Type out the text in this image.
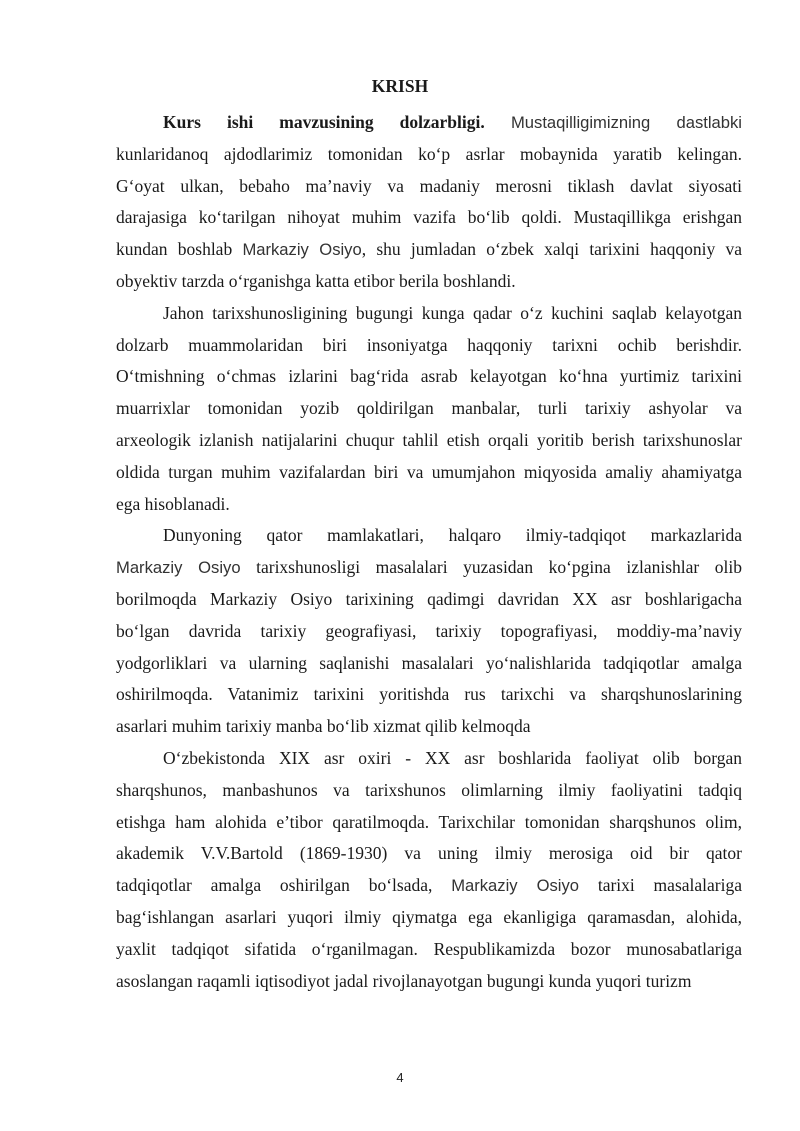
KRISH
Kurs ishi mavzusining dolzarbligi. Mustaqilligimizning dastlabki
kunlaridanoq ajdodlarimiz tomonidan ko‘p asrlar mobaynida yaratib kelingan.
G‘oyat ulkan, bebaho ma’naviy va madaniy merosni tiklash davlat siyosati
darajasiga ko‘tarilgan nihoyat muhim vazifa bo‘lib qoldi. Mustaqillikga erishgan
kundan boshlab Markaziy Osiyo, shu jumladan o‘zbek xalqi tarixini haqqoniy va
obyektiv tarzda o‘rganishga katta etibor berila boshlandi.
Jahon tarixshunosligining bugungi kunga qadar o‘z kuchini saqlab kelayotgan
dolzarb muammolaridan biri insoniyatga haqqoniy tarixni ochib berishdir.
O‘tmishning o‘chmas izlarini bag‘rida asrab kelayotgan ko‘hna yurtimiz tarixini
muarrixlar tomonidan yozib qoldirilgan manbalar, turli tarixiy ashyolar va
arxeologik izlanish natijalarini chuqur tahlil etish orqali yoritib berish tarixshunoslar
oldida turgan muhim vazifalardan biri va umumjahon miqyosida amaliy ahamiyatga
ega hisoblanadi.
Dunyoning qator mamlakatlari, halqaro ilmiy-tadqiqot markazlarida
Markaziy Osiyo tarixshunosligi masalalari yuzasidan ko‘pgina izlanishlar olib
borilmoqda Markaziy Osiyo tarixining qadimgi davridan XX asr boshlarigacha
bo‘lgan davrida tarixiy geografiyasi, tarixiy topografiyasi, moddiy-ma’naviy
yodgorliklari va ularning saqlanishi masalalari yo‘nalishlarida tadqiqotlar amalga
oshirilmoqda. Vatanimiz tarixini yoritishda rus tarixchi va sharqshunoslarining
asarlari muhim tarixiy manba bo‘lib xizmat qilib kelmoqda
O‘zbekistonda XIX asr oxiri - XX asr boshlarida faoliyat olib borgan
sharqshunos, manbashunos va tarixshunos olimlarning ilmiy faoliyatini tadqiq
etishga ham alohida e’tibor qaratilmoqda. Tarixchilar tomonidan sharqshunos olim,
akademik V.V.Bartold (1869-1930) va uning ilmiy merosiga oid bir qator
tadqiqotlar amalga oshirilgan bo‘lsada, Markaziy Osiyo tarixi masalalariga
bag‘ishlangan asarlari yuqori ilmiy qiymatga ega ekanligiga qaramasdan, alohida,
yaxlit tadqiqot sifatida o‘rganilmagan. Respublikamizda bozor munosabatlariga
asoslangan raqamli iqtisodiyot jadal rivojlanayotgan bugungi kunda yuqori turizm
4
